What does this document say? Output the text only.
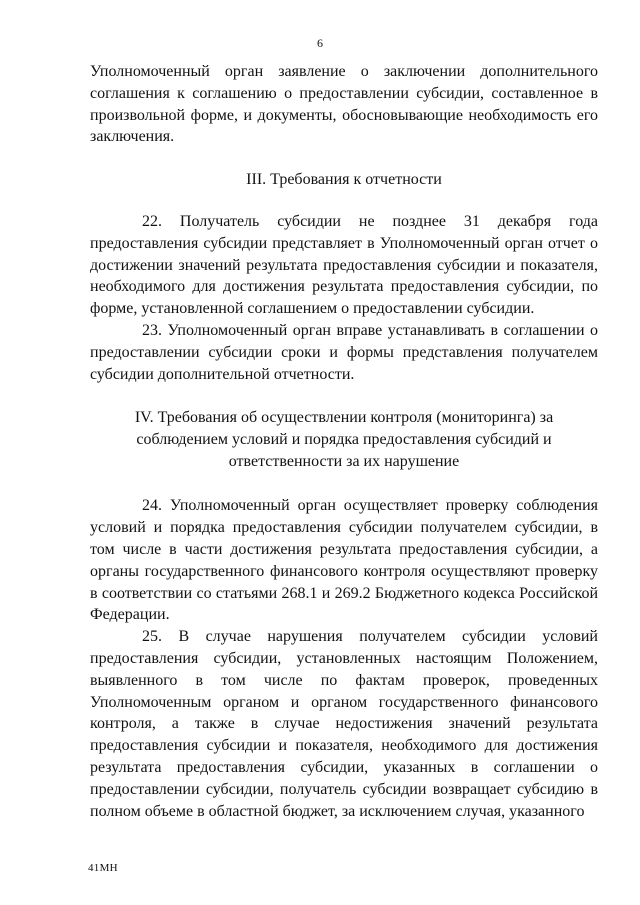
6

Уполномоченный орган заявление о заключении дополнительного соглашения к соглашению о предоставлении субсидии, составленное в произвольной форме, и документы, обосновывающие необходимость его заключения.

III. Требования к отчетности

22. Получатель субсидии не позднее 31 декабря года предоставления субсидии представляет в Уполномоченный орган отчет о достижении значений результата предоставления субсидии и показателя, необходимого для достижения результата предоставления субсидии, по форме, установленной соглашением о предоставлении субсидии.

23. Уполномоченный орган вправе устанавливать в соглашении о предоставлении субсидии сроки и формы представления получателем субсидии дополнительной отчетности.

IV. Требования об осуществлении контроля (мониторинга) за соблюдением условий и порядка предоставления субсидий и ответственности за их нарушение

24. Уполномоченный орган осуществляет проверку соблюдения условий и порядка предоставления субсидии получателем субсидии, в том числе в части достижения результата предоставления субсидии, а органы государственного финансового контроля осуществляют проверку в соответствии со статьями 268.1 и 269.2 Бюджетного кодекса Российской Федерации.

25. В случае нарушения получателем субсидии условий предоставления субсидии, установленных настоящим Положением, выявленного в том числе по фактам проверок, проведенных Уполномоченным органом и органом государственного финансового контроля, а также в случае недостижения значений результата предоставления субсидии и показателя, необходимого для достижения результата предоставления субсидии, указанных в соглашении о предоставлении субсидии, получатель субсидии возвращает субсидию в полном объеме в областной бюджет, за исключением случая, указанного

41МН
